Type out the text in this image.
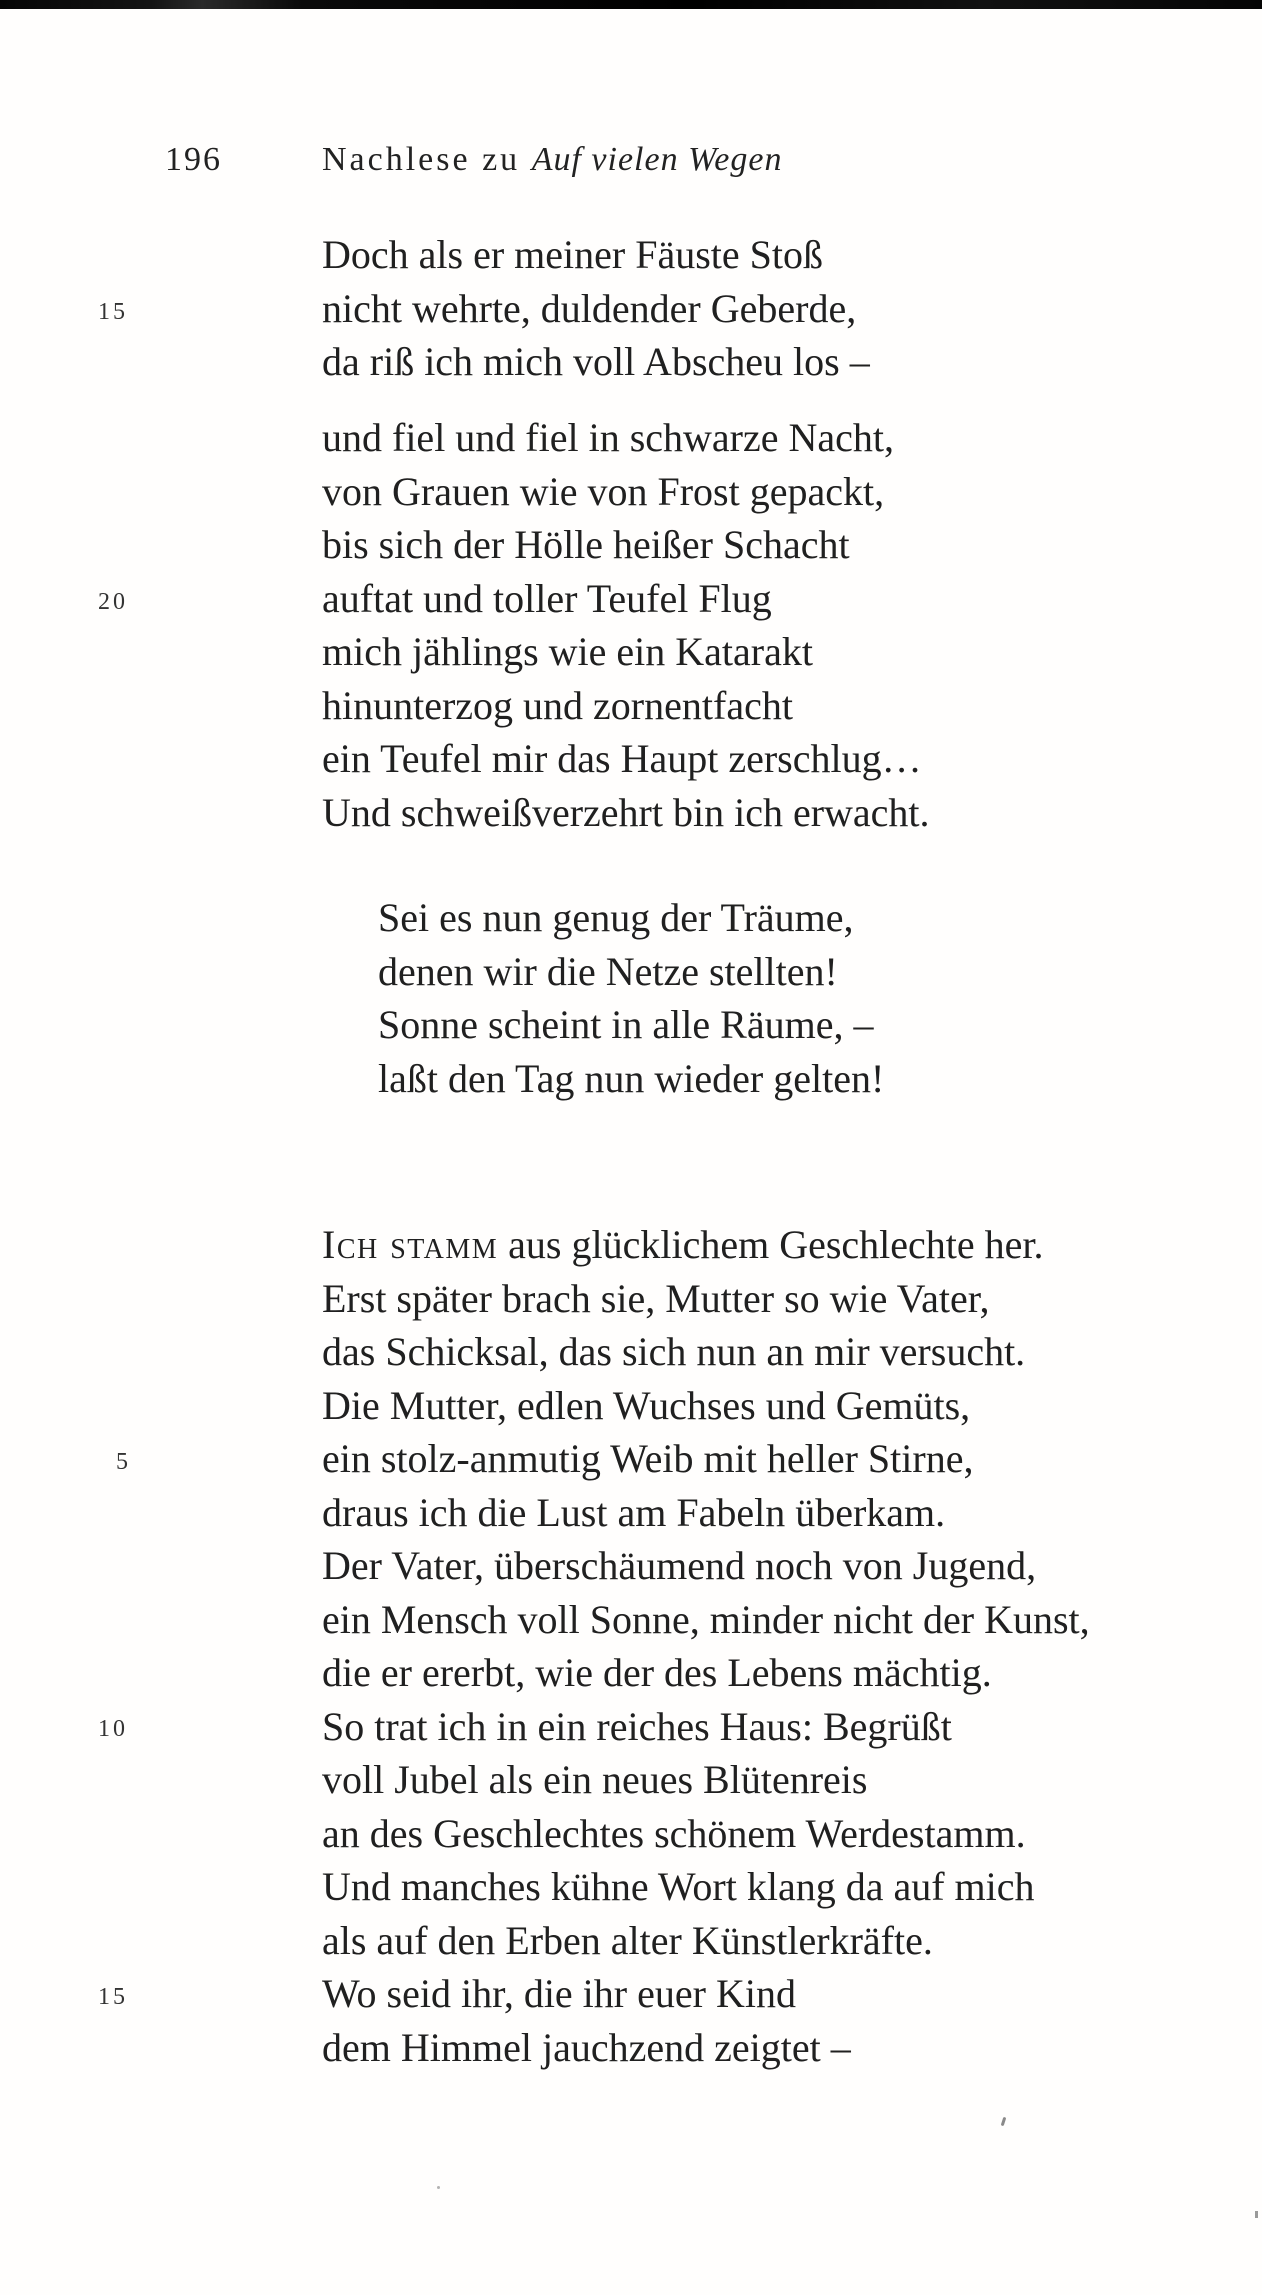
196	Nachlese zu Auf vielen Wegen
15
20
5
10
15
Doch als er meiner Fäuste Stoß
nicht wehrte, duldender Geberde,
da riß ich mich voll Abscheu los –
und fiel und fiel in schwarze Nacht,
von Grauen wie von Frost gepackt,
bis sich der Hölle heißer Schacht
auftat und toller Teufel Flug
mich jählings wie ein Katarakt
hinunterzog und zornentfacht
ein Teufel mir das Haupt zerschlug…
Und schweißverzehrt bin ich erwacht.
Sei es nun genug der Träume,
denen wir die Netze stellten!
Sonne scheint in alle Räume, –
laßt den Tag nun wieder gelten!
Ich stamm aus glücklichem Geschlechte her.
Erst später brach sie, Mutter so wie Vater,
das Schicksal, das sich nun an mir versucht.
Die Mutter, edlen Wuchses und Gemüts,
ein stolz-anmutig Weib mit heller Stirne,
draus ich die Lust am Fabeln überkam.
Der Vater, überschäumend noch von Jugend,
ein Mensch voll Sonne, minder nicht der Kunst,
die er ererbt, wie der des Lebens mächtig.
So trat ich in ein reiches Haus: Begrüßt
voll Jubel als ein neues Blütenreis
an des Geschlechtes schönem Werdestamm.
Und manches kühne Wort klang da auf mich
als auf den Erben alter Künstlerkräfte.
Wo seid ihr, die ihr euer Kind
dem Himmel jauchzend zeigtet –
